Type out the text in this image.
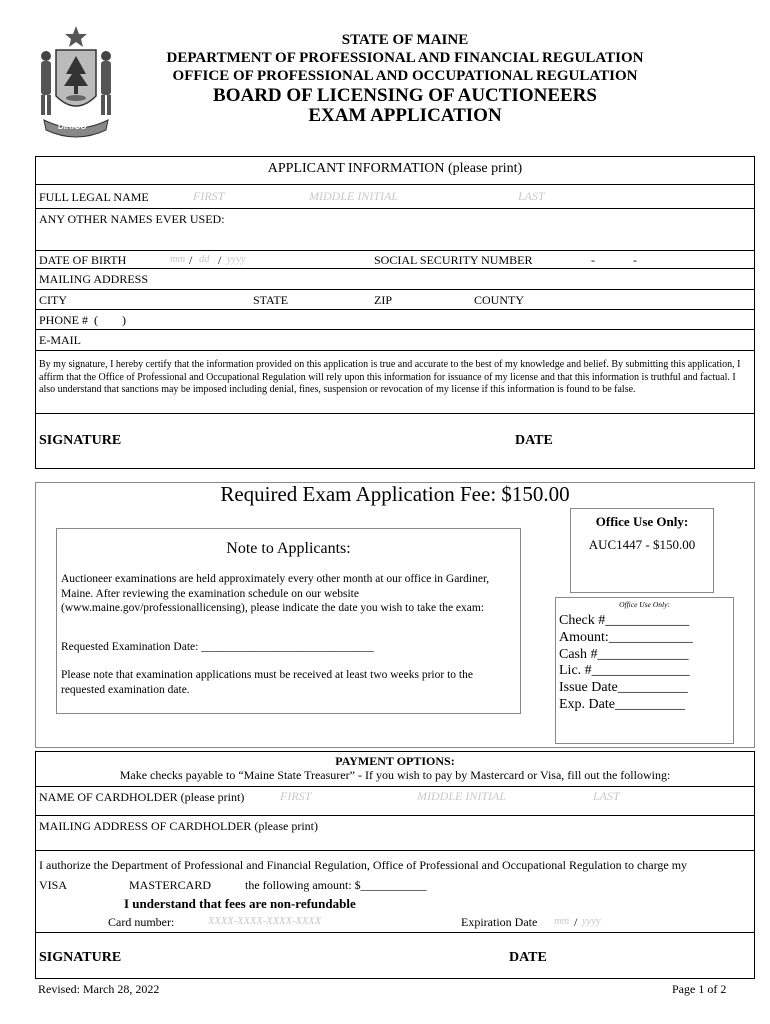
DIRIGO
STATE OF MAINE
DEPARTMENT OF PROFESSIONAL AND FINANCIAL REGULATION
OFFICE OF PROFESSIONAL AND OCCUPATIONAL REGULATION
BOARD OF LICENSING OF AUCTIONEERS
EXAM APPLICATION
APPLICANT INFORMATION (please print)
FULL LEGAL NAME	FIRST	MIDDLE INITIAL	LAST
ANY OTHER NAMES EVER USED:
DATE OF BIRTH	mm / dd / yyyy	SOCIAL SECURITY NUMBER	-	-
MAILING ADDRESS
CITY	STATE	ZIP	COUNTY
PHONE #  (        )
E-MAIL
By my signature, I hereby certify that the information provided on this application is true and accurate to the best of my knowledge and belief. By submitting this application, I affirm that the Office of Professional and Occupational Regulation will rely upon this information for issuance of my license and that this information is truthful and factual. I also understand that sanctions may be imposed including denial, fines, suspension or revocation of my license if this information is found to be false.
SIGNATURE	DATE
Required Exam Application Fee: $150.00
Office Use Only:
AUC1447 - $150.00
Note to Applicants:
Auctioneer examinations are held approximately every other month at our office in Gardiner, Maine. After reviewing the examination schedule on our website (www.maine.gov/professionallicensing), please indicate the date you wish to take the exam:
Requested Examination Date: ______________________________
Please note that examination applications must be received at least two weeks prior to the requested examination date.
Office Use Only:
Check #____________
Amount:____________
Cash #_____________
Lic. #______________
Issue Date__________
Exp. Date__________
PAYMENT OPTIONS:
Make checks payable to “Maine State Treasurer” - If you wish to pay by Mastercard or Visa, fill out the following:
NAME OF CARDHOLDER (please print)	FIRST	MIDDLE INITIAL	LAST
MAILING ADDRESS OF CARDHOLDER (please print)
I authorize the Department of Professional and Financial Regulation, Office of Professional and Occupational Regulation to charge my
VISA	MASTERCARD	the following amount: $___________
I understand that fees are non-refundable
Card number:	XXXX-XXXX-XXXX-XXXX	Expiration Date mm / yyyy
SIGNATURE	DATE
Revised: March 28, 2022	Page 1 of 2
